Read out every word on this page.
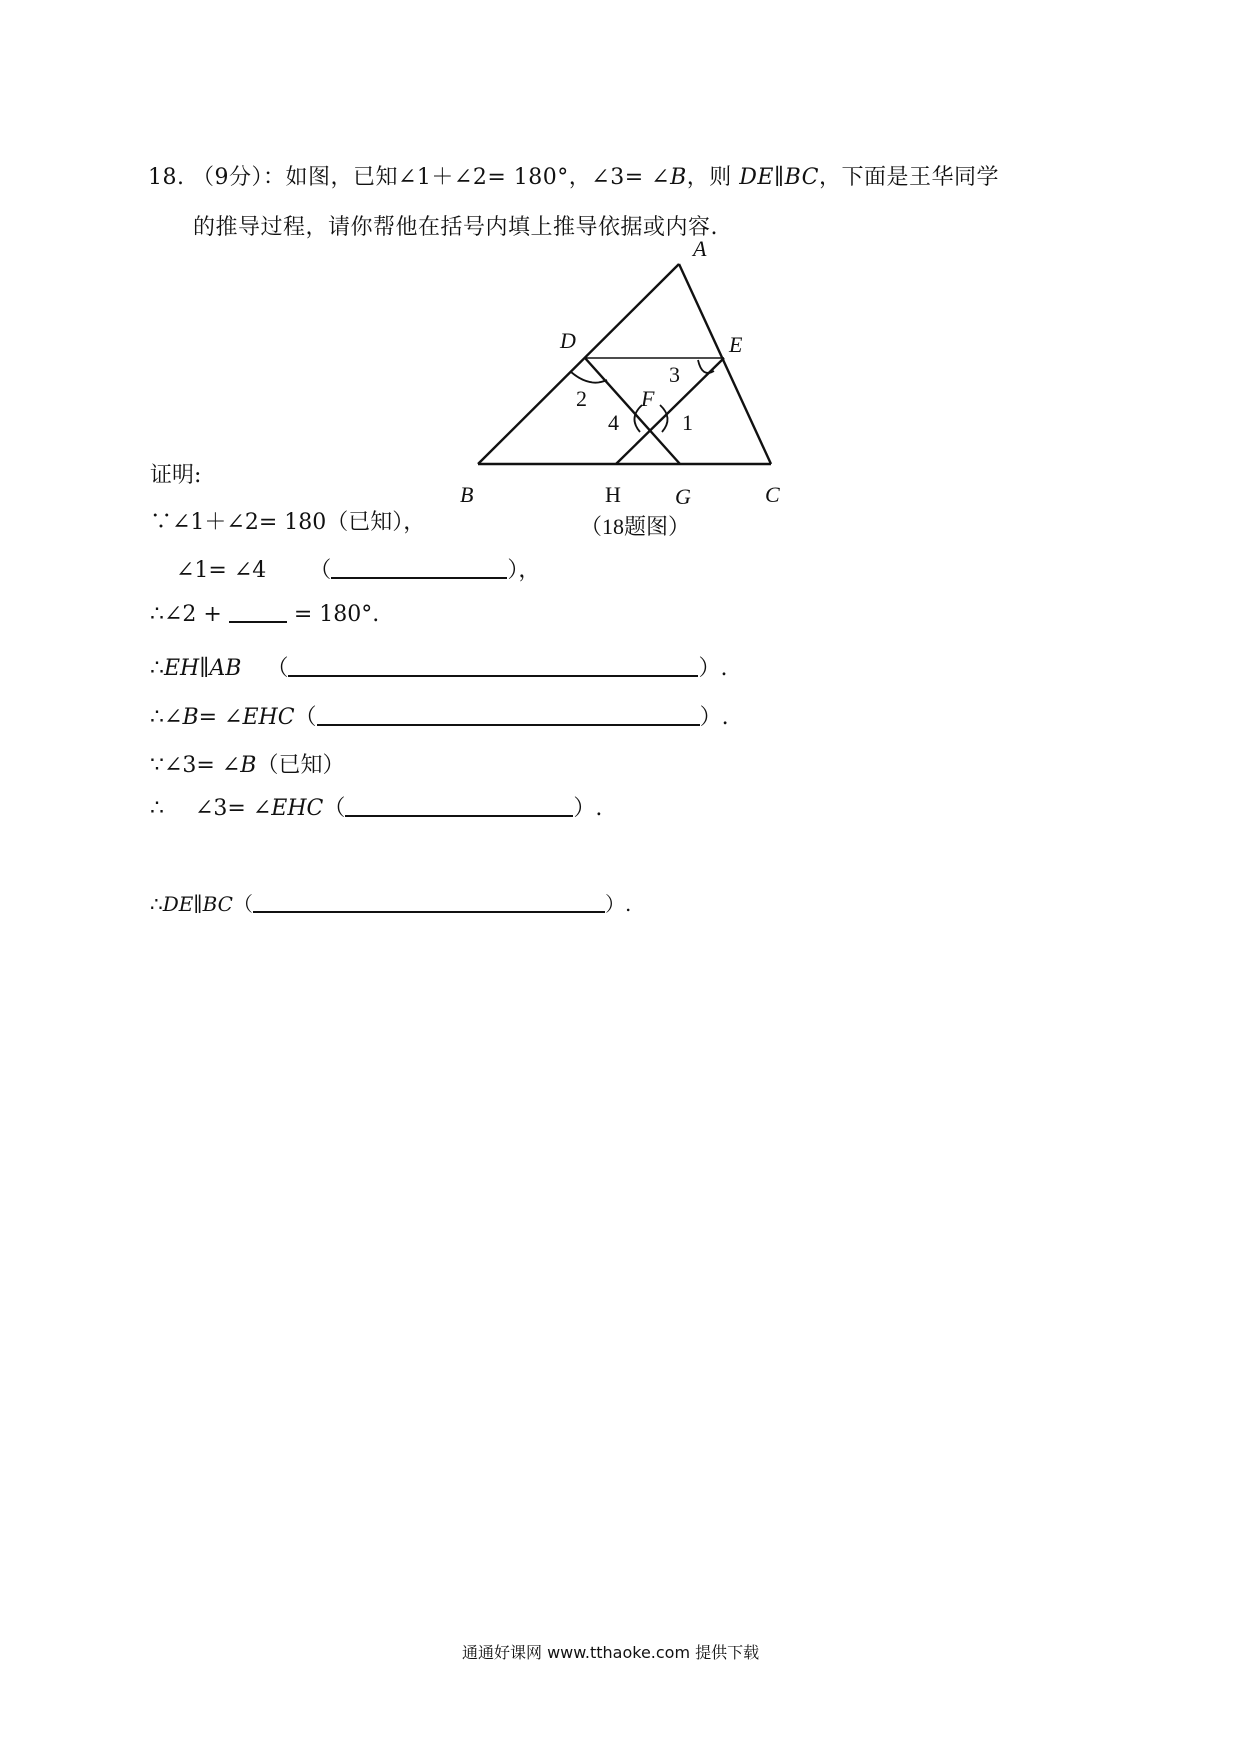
18. （9分）：如图，已知∠1＋∠2= 180°，∠3= ∠B，则 DE∥BC，下面是王华同学
的推导过程，请你帮他在括号内填上推导依据或内容.
A
B	C
D	E
F
G
H
1
2
3
4
（18题图）
证明:
∵∠1＋∠2= 180（已知），
∠1= ∠4 （	），
∴∠2 +	= 180°.
∴EH∥AB （	）.
∴∠B= ∠EHC（	）.
∵∠3= ∠B（已知）
∴ ∠3= ∠EHC（	）.
∴DE∥BC（	）.
通通好课网 www.tthaoke.com 提供下载
